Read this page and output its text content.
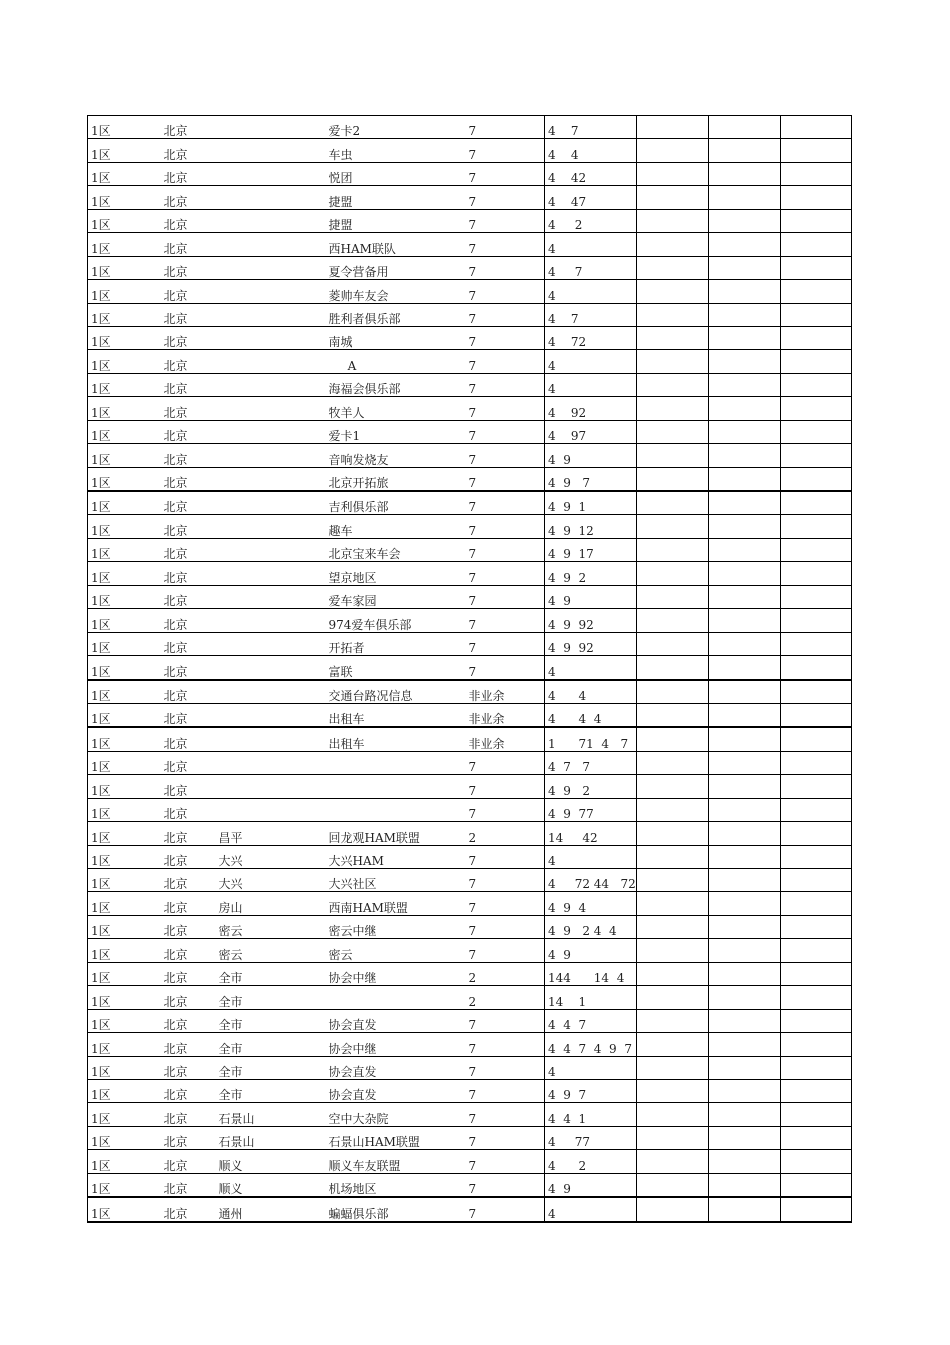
1区	北京		爱卡2	7	4    7			
1区	北京		车虫	7	4    4			
1区	北京		悦团	7	4    42			
1区	北京		捷盟	7	4    47			
1区	北京		捷盟	7	4     2			
1区	北京		西HAM联队	7	4			
1区	北京		夏令营备用	7	4     7			
1区	北京		菱帅车友会	7	4			
1区	北京		胜利者俱乐部	7	4    7			
1区	北京		南城	7	4    72			
1区	北京		A	7	4			
1区	北京		海福会俱乐部	7	4			
1区	北京		牧羊人	7	4    92			
1区	北京		爱卡1	7	4    97			
1区	北京		音响发烧友	7	4  9			
1区	北京		北京开拓旅	7	4  9   7			
1区	北京		吉利俱乐部	7	4  9  1			
1区	北京		趣车	7	4  9  12			
1区	北京		北京宝来车会	7	4  9  17			
1区	北京		望京地区	7	4  9  2			
1区	北京		爱车家园	7	4  9			
1区	北京		974爱车俱乐部	7	4  9  92			
1区	北京		开拓者	7	4  9  92			
1区	北京		富联	7	4			
1区	北京		交通台路况信息	非业余	4      4			
1区	北京		出租车	非业余	4      4  4			
1区	北京		出租车	非业余	1      71  4   7			
1区	北京			7	4  7   7			
1区	北京			7	4  9   2			
1区	北京			7	4  9  77			
1区	北京	昌平	回龙观HAM联盟	2	14     42			
1区	北京	大兴	大兴HAM	7	4			
1区	北京	大兴	大兴社区	7	4     72 44   72			
1区	北京	房山	西南HAM联盟	7	4  9  4			
1区	北京	密云	密云中继	7	4  9   2 4  4			
1区	北京	密云	密云	7	4  9			
1区	北京	全市	协会中继	2	144      14  4			
1区	北京	全市		2	14    1			
1区	北京	全市	协会直发	7	4  4  7			
1区	北京	全市	协会中继	7	4  4  7  4  9  7			
1区	北京	全市	协会直发	7	4			
1区	北京	全市	协会直发	7	4  9  7			
1区	北京	石景山	空中大杂院	7	4  4  1			
1区	北京	石景山	石景山HAM联盟	7	4     77			
1区	北京	顺义	顺义车友联盟	7	4      2			
1区	北京	顺义	机场地区	7	4  9			
1区	北京	通州	蝙蝠俱乐部	7	4			
